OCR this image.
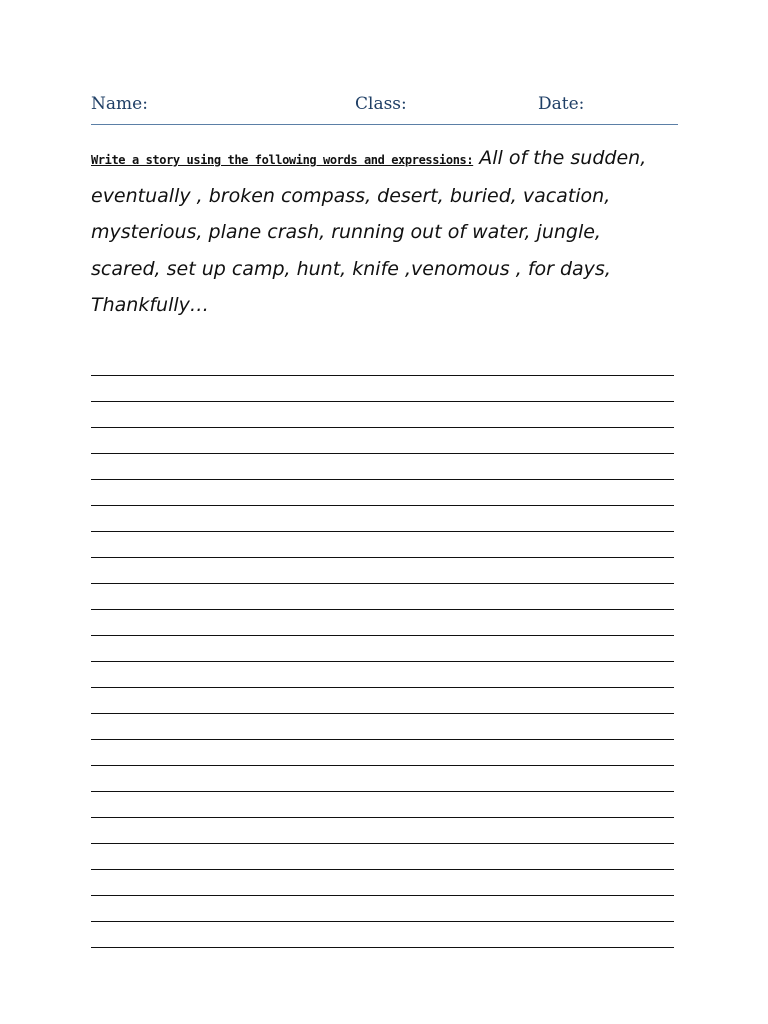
Name:	Class:	Date:
Write a story using the following words and expressions: All of the sudden, eventually , broken compass, desert, buried, vacation, mysterious, plane crash, running out of water, jungle, scared, set up camp, hunt, knife ,venomous , for days, Thankfully…
